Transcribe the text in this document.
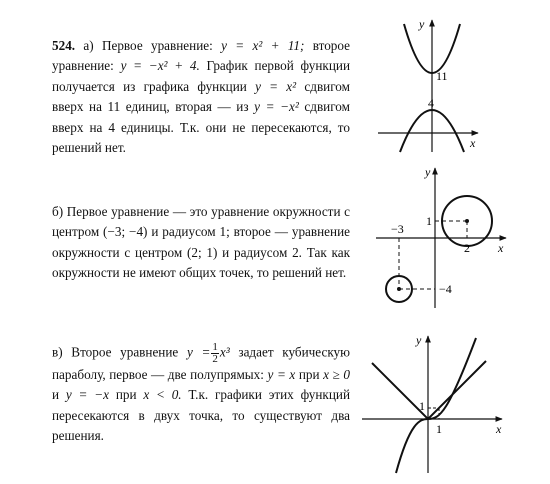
524. а) Первое уравнение: y = x² + 11; второе уравнение: y = −x² + 4. График первой функции получается из графика функции y = x² сдвигом вверх на 11 единиц, вторая — из y = −x² сдвигом вверх на 4 единицы. Т.к. они не пересекаются, то решений нет.
y
x
11
4
б) Первое уравнение — это уравнение окружности с центром (−3; −4) и радиусом 1; второе — уравнение окружности с центром (2; 1) и радиусом 2. Так как окружности не имеют общих точек, то решений нет.
y
x
−3
1
2
−4
в) Второе уравнение $y = \frac{1}{2} x^3$ задает кубическую параболу, первое — две полупрямых: y = x при x ≥ 0 и y = −x при x < 0. Т.к. графики этих функций пересекаются в двух точка, то существуют два решения.
y
x
1
1
